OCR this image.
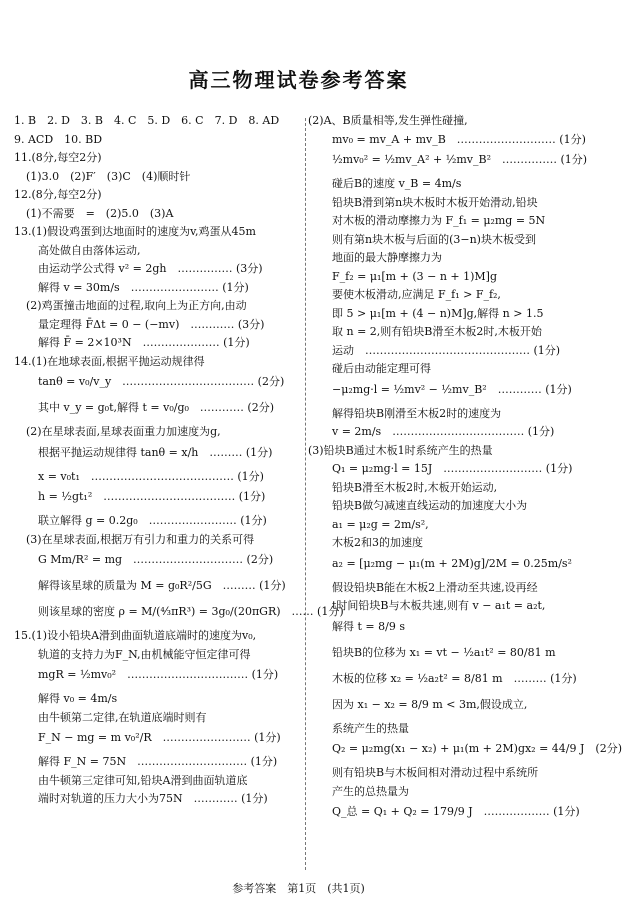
高三物理试卷参考答案
1. B　2. D　3. B　4. C　5. D　6. C　7. D　8. AD
9. ACD　10. BD
11.(8分,每空2分)
(1)3.0　(2)F′　(3)C　(4)顺时针
12.(8分,每空2分)
(1)不需要　=　(2)5.0　(3)A
13.(1)假设鸡蛋到达地面时的速度为v,鸡蛋从45m
高处做自由落体运动,
由运动学公式得 v² = 2gh　…………… (3分)
解得 v = 30m/s　…………………… (1分)
(2)鸡蛋撞击地面的过程,取向上为正方向,由动
量定理得 F̄Δt = 0 − (−mv)　………… (3分)
解得 F̄ = 2×10³N　………………… (1分)
14.(1)在地球表面,根据平抛运动规律得
tanθ = v₀/v_y　……………………………… (2分)
其中 v_y = g₀t,解得 t = v₀/g₀　………… (2分)
(2)在星球表面,星球表面重力加速度为g,
根据平抛运动规律得 tanθ = x/h　……… (1分)
x = v₀t₁　………………………………… (1分)
h = ½gt₁²　……………………………… (1分)
联立解得 g = 0.2g₀　…………………… (1分)
(3)在星球表面,根据万有引力和重力的关系可得
G Mm/R² = mg　………………………… (2分)
解得该星球的质量为 M = g₀R²/5G　……… (1分)
则该星球的密度 ρ = M/(⁴⁄₃πR³) = 3g₀/(20πGR)　…… (1分)
15.(1)设小铅块A滑到曲面轨道底端时的速度为v₀,
轨道的支持力为F_N,由机械能守恒定律可得
mgR = ½mv₀²　…………………………… (1分)
解得 v₀ = 4m/s
由牛顿第二定律,在轨道底端时则有
F_N − mg = m v₀²/R　…………………… (1分)
解得 F_N = 75N　………………………… (1分)
由牛顿第三定律可知,铅块A滑到曲面轨道底
端时对轨道的压力大小为75N　………… (1分)
(2)A、B质量相等,发生弹性碰撞,
mv₀ = mv_A + mv_B　……………………… (1分)
½mv₀² = ½mv_A² + ½mv_B²　…………… (1分)
碰后B的速度 v_B = 4m/s
铅块B滑到第n块木板时木板开始滑动,铅块
对木板的滑动摩擦力为 F_f₁ = μ₂mg = 5N
则有第n块木板与后面的(3−n)块木板受到
地面的最大静摩擦力为
F_f₂ = μ₁[m + (3 − n + 1)M]g
要使木板滑动,应满足 F_f₁ > F_f₂,
即 5 > μ₁[m + (4 − n)M]g,解得 n > 1.5
取 n = 2,则有铅块B滑至木板2时,木板开始
运动　……………………………………… (1分)
碰后由动能定理可得
−μ₂mg·l = ½mv² − ½mv_B²　………… (1分)
解得铅块B刚滑至木板2时的速度为
v = 2m/s　……………………………… (1分)
(3)铅块B通过木板1时系统产生的热量
Q₁ = μ₂mg·l = 15J　……………………… (1分)
铅块B滑至木板2时,木板开始运动,
铅块B做匀减速直线运动的加速度大小为
a₁ = μ₂g = 2m/s²,
木板2和3的加速度
a₂ = [μ₂mg − μ₁(m + 2M)g]/2M = 0.25m/s²
假设铅块B能在木板2上滑动至共速,设再经
t时间铅块B与木板共速,则有 v − a₁t = a₂t,
解得 t = 8/9 s
铅块B的位移为 x₁ = vt − ½a₁t² = 80/81 m
木板的位移 x₂ = ½a₂t² = 8/81 m　……… (1分)
因为 x₁ − x₂ = 8/9 m < 3m,假设成立,
系统产生的热量
Q₂ = μ₂mg(x₁ − x₂) + μ₁(m + 2M)gx₂ = 44/9 J　(2分)
则有铅块B与木板间相对滑动过程中系统所
产生的总热量为
Q_总 = Q₁ + Q₂ = 179/9 J　……………… (1分)
参考答案　第1页　(共1页)
